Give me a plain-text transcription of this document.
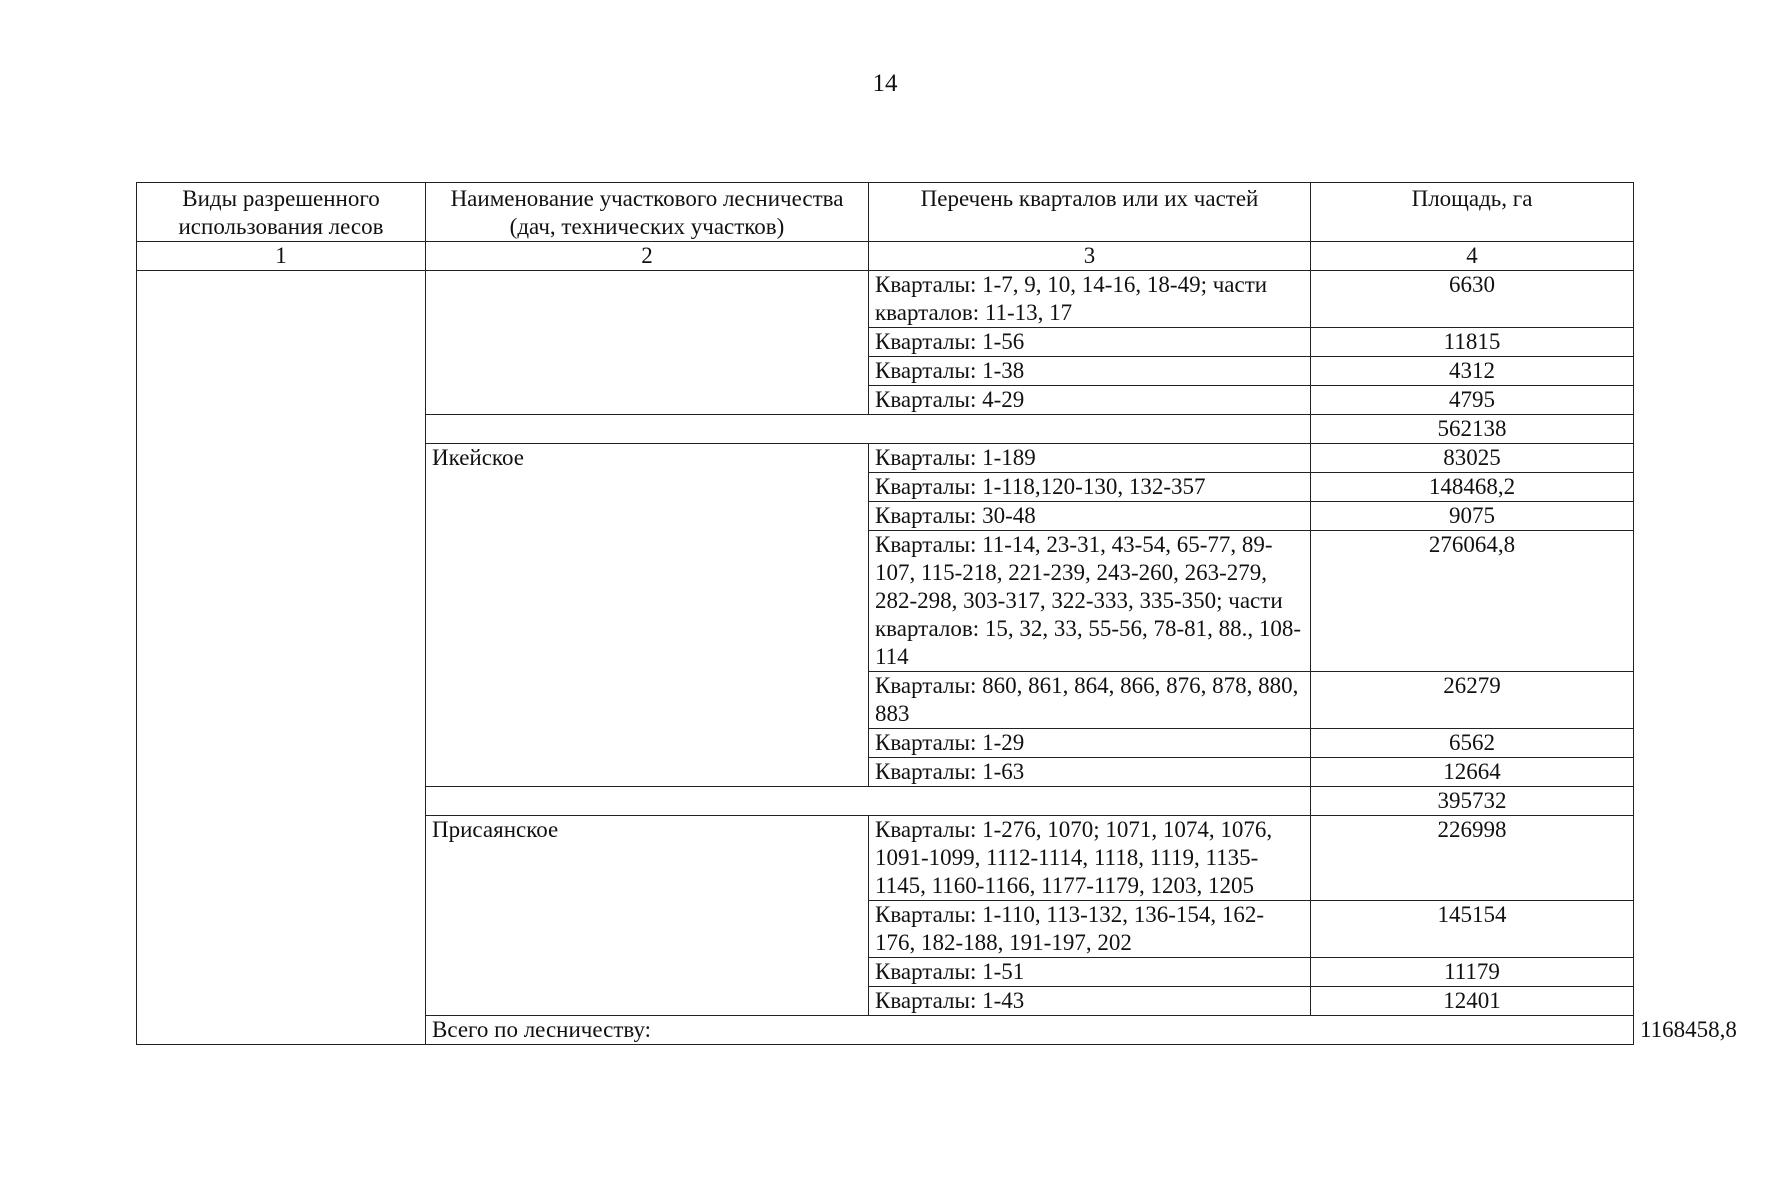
14
Виды разрешенного использования лесов	Наименование участкового лесничества (дач, технических участков)	Перечень кварталов или их частей	Площадь, га	
1	2	3	4	
		Кварталы: 1-7, 9, 10, 14-16, 18-49; части кварталов: 11-13, 17	6630	
		Кварталы: 1-56	11815	
		Кварталы: 1-38	4312	
		Кварталы: 4-29	4795	
			562138	
	Икейское	Кварталы: 1-189	83025	
		Кварталы: 1-118,120-130, 132-357	148468,2	
		Кварталы: 30-48	9075	
		Кварталы: 11-14, 23-31, 43-54, 65-77, 89-107, 115-218, 221-239, 243-260, 263-279, 282-298, 303-317, 322-333, 335-350; части кварталов: 15, 32, 33, 55-56, 78-81, 88., 108-114	276064,8	
		Кварталы: 860, 861, 864, 866, 876, 878, 880, 883	26279	
		Кварталы: 1-29	6562	
		Кварталы: 1-63	12664	
			395732	
	Присаянское	Кварталы: 1-276, 1070; 1071, 1074, 1076, 1091-1099, 1112-1114, 1118, 1119, 1135-1145, 1160-1166, 1177-1179, 1203, 1205	226998	
		Кварталы: 1-110, 113-132, 136-154, 162-176, 182-188, 191-197, 202	145154	
		Кварталы: 1-51	11179	
		Кварталы: 1-43	12401	
	Всего по лесничеству:			1168458,8
